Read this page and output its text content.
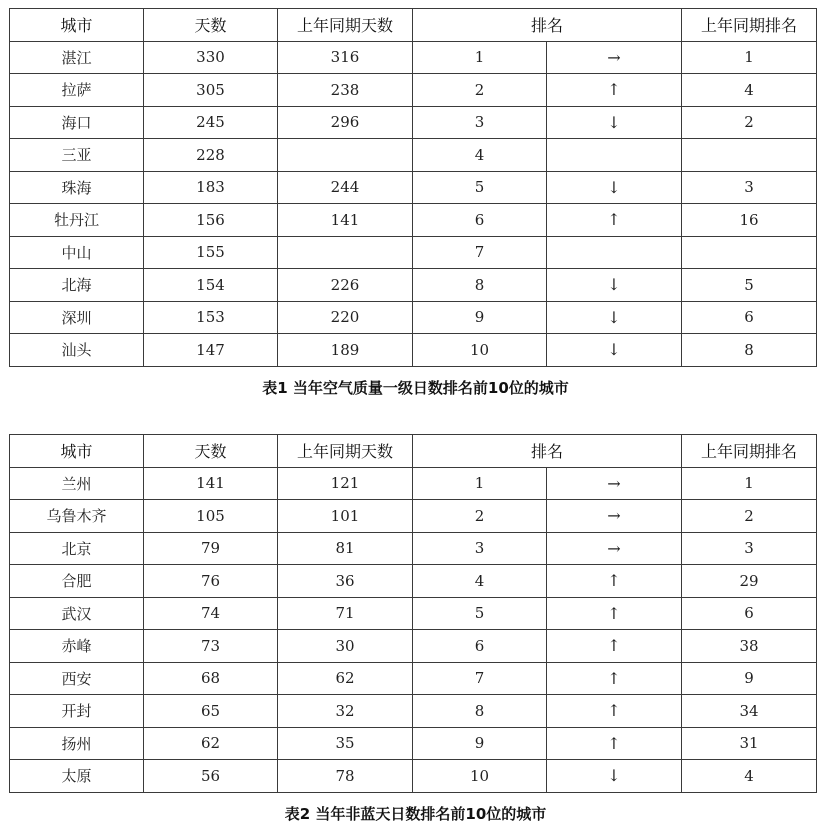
城市	天数	上年同期天数	排名		上年同期排名
湛江	330	316	1	→	1
拉萨	305	238	2	↑	4
海口	245	296	3	↓	2
三亚	228		4		
珠海	183	244	5	↓	3
牡丹江	156	141	6	↑	16
中山	155		7		
北海	154	226	8	↓	5
深圳	153	220	9	↓	6
汕头	147	189	10	↓	8
表1 当年空气质量一级日数排名前10位的城市
城市	天数	上年同期天数	排名		上年同期排名
兰州	141	121	1	→	1
乌鲁木齐	105	101	2	→	2
北京	79	81	3	→	3
合肥	76	36	4	↑	29
武汉	74	71	5	↑	6
赤峰	73	30	6	↑	38
西安	68	62	7	↑	9
开封	65	32	8	↑	34
扬州	62	35	9	↑	31
太原	56	78	10	↓	4
表2 当年非蓝天日数排名前10位的城市
